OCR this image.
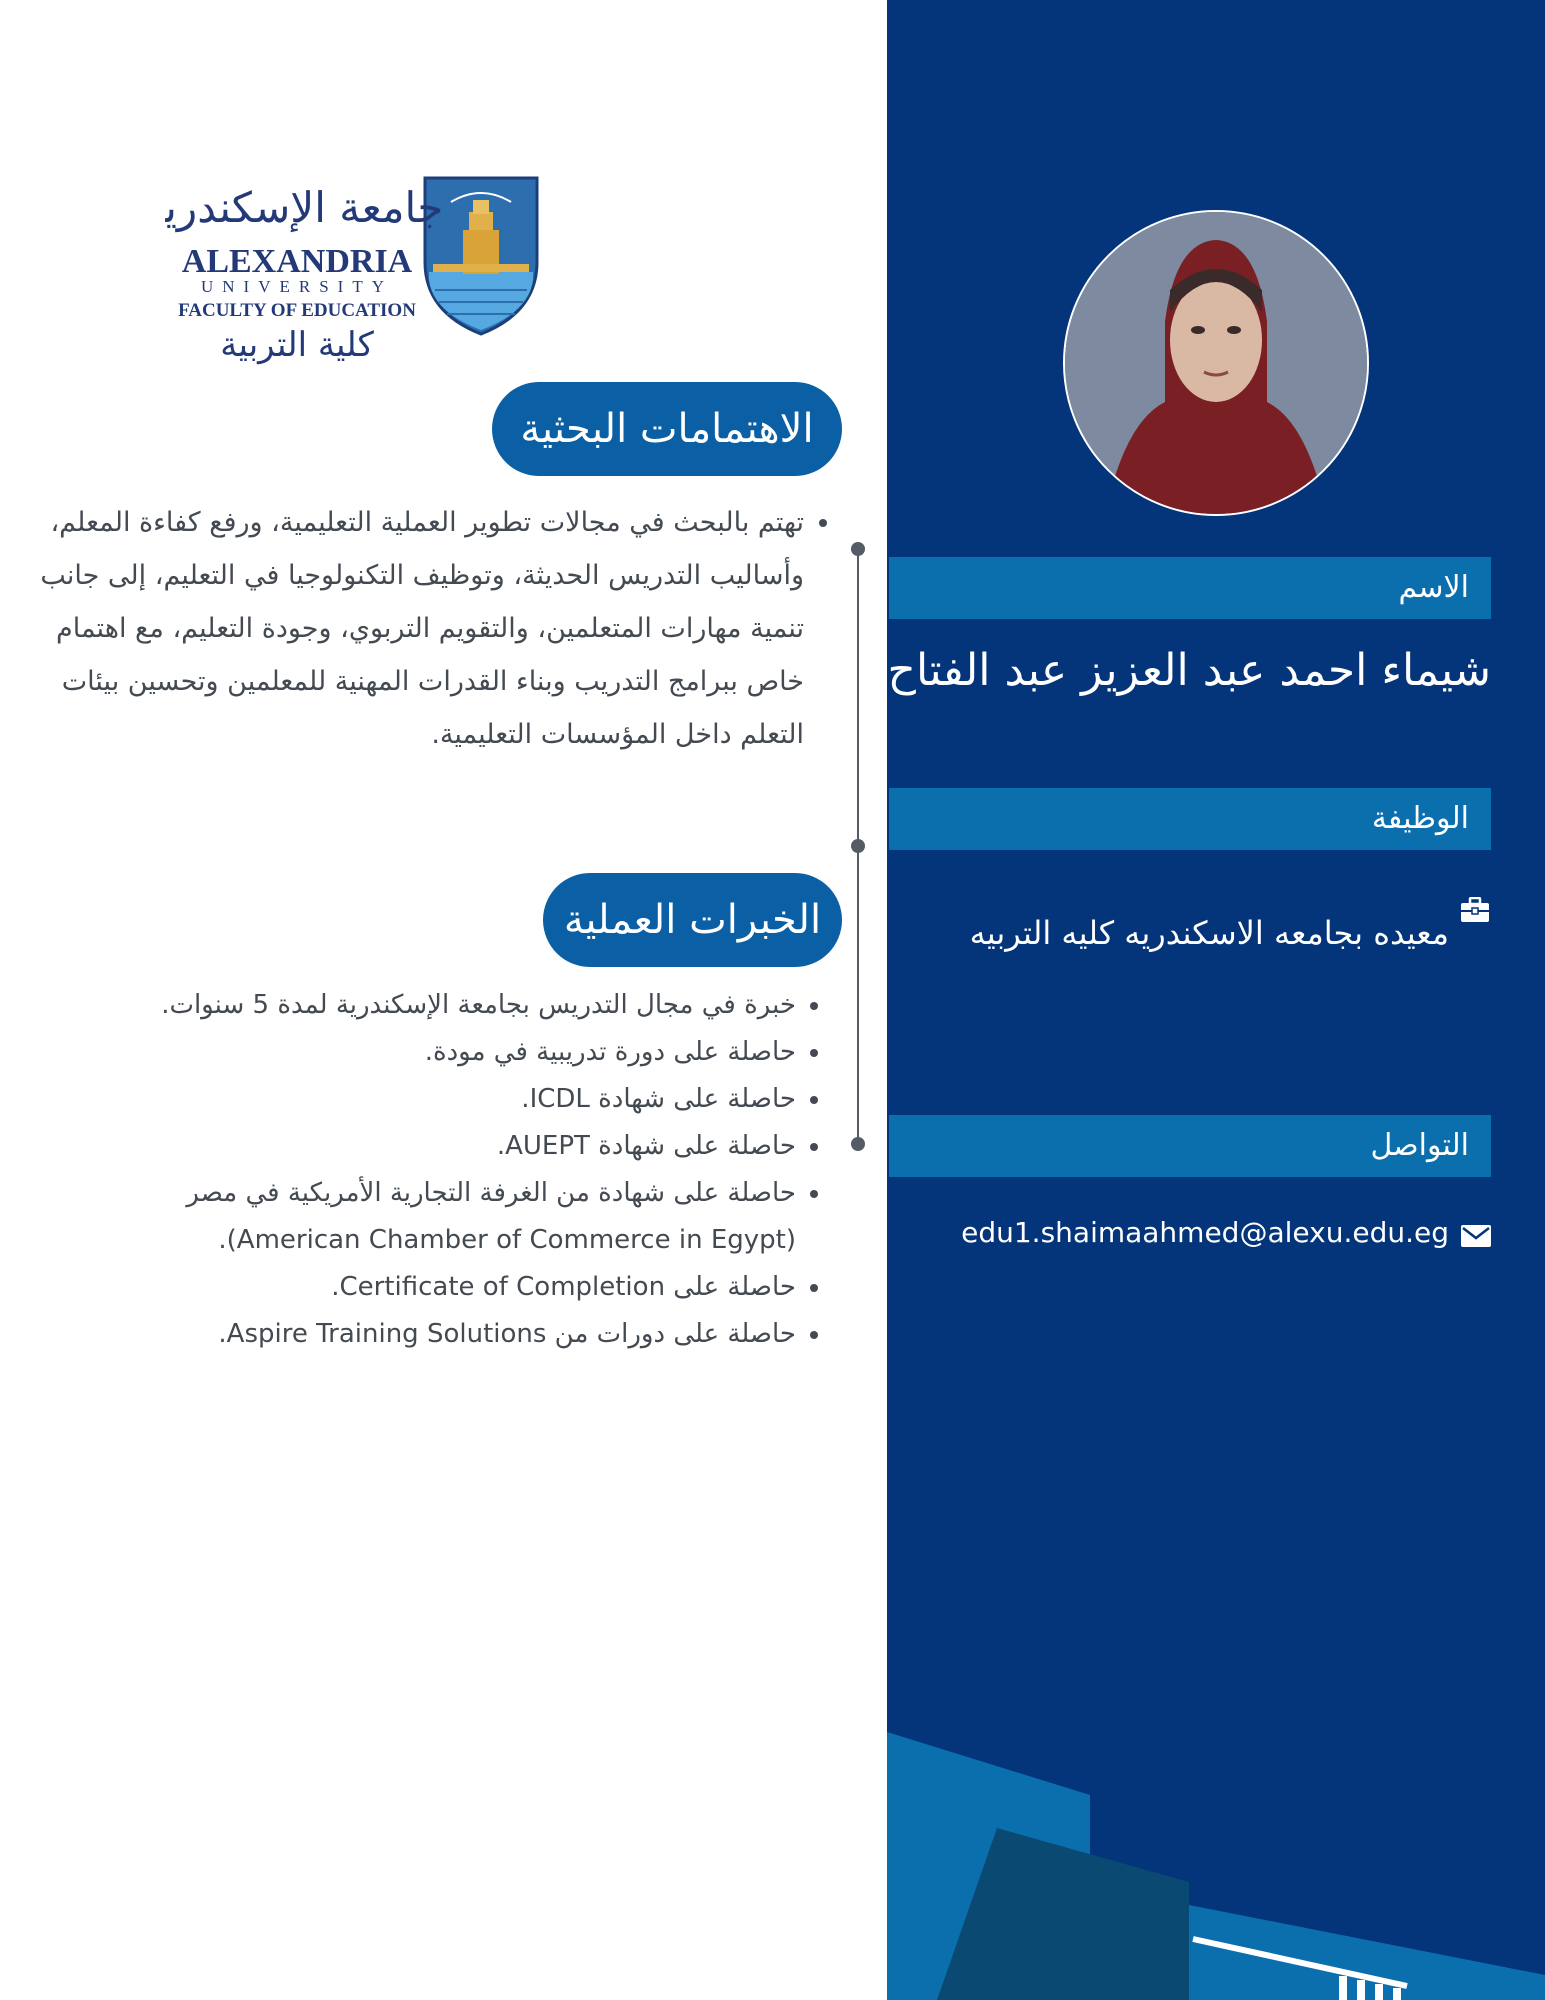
جامعة الإسكندرية
ALEXANDRIA
UNIVERSITY
FACULTY OF EDUCATION
كلية التربية
الاهتمامات البحثية
• تهتم بالبحث في مجالات تطوير العملية التعليمية، ورفع كفاءة المعلم، وأساليب التدريس الحديثة، وتوظيف التكنولوجيا في التعليم، إلى جانب تنمية مهارات المتعلمين، والتقويم التربوي، وجودة التعليم، مع اهتمام خاص ببرامج التدريب وبناء القدرات المهنية للمعلمين وتحسين بيئات التعلم داخل المؤسسات التعليمية.
الخبرات العملية
• خبرة في مجال التدريس بجامعة الإسكندرية لمدة 5 سنوات.
• حاصلة على دورة تدريبية في مودة.
• حاصلة على شهادة ICDL.
• حاصلة على شهادة AUEPT.
• حاصلة على شهادة من الغرفة التجارية الأمريكية في مصر (American Chamber of Commerce in Egypt).
• حاصلة على Certificate of Completion.
• حاصلة على دورات من Aspire Training Solutions.
الاسم
شيماء احمد عبد العزيز عبد الفتاح
الوظيفة
معيده بجامعه الاسكندريه كليه التربيه
التواصل
edu1.shaimaahmed@alexu.edu.eg
